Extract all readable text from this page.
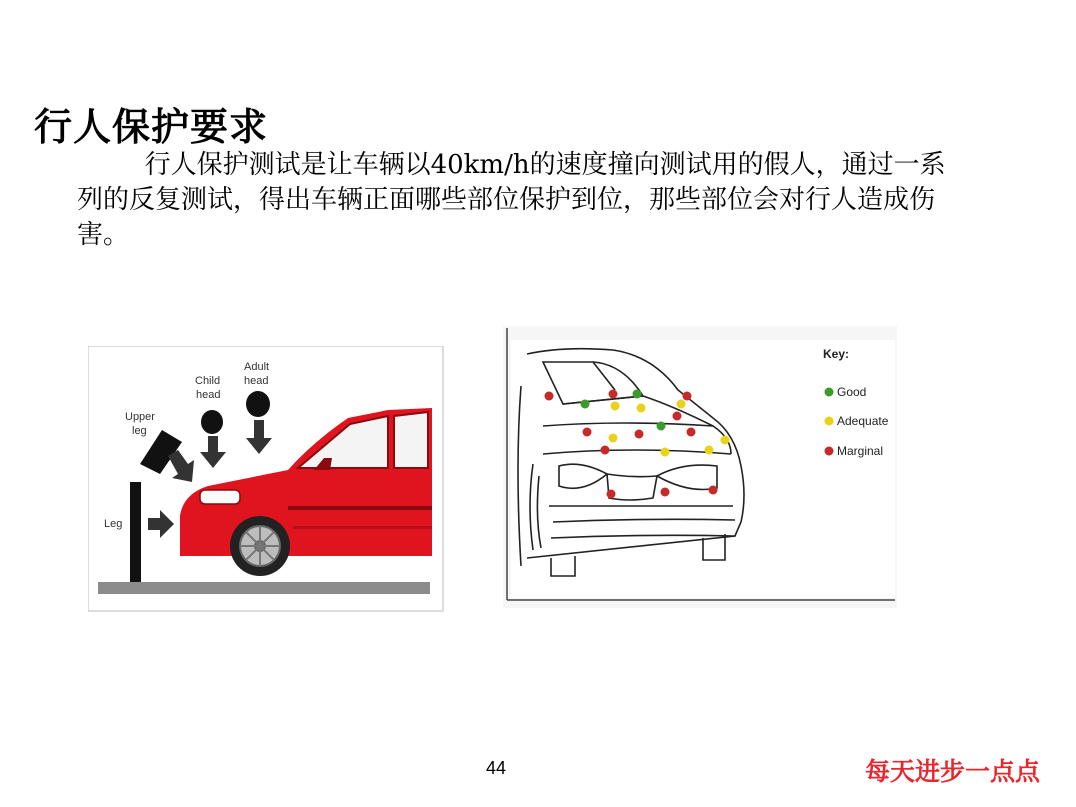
行人保护要求

行人保护测试是让车辆以40km/h的速度撞向测试用的假人，通过一系列的反复测试，得出车辆正面哪些部位保护到位，那些部位会对行人造成伤害。

Adult
head
Child
head
Upper
leg
Leg
Key:
Good
Adequate
Marginal
44	每天进步一点点
